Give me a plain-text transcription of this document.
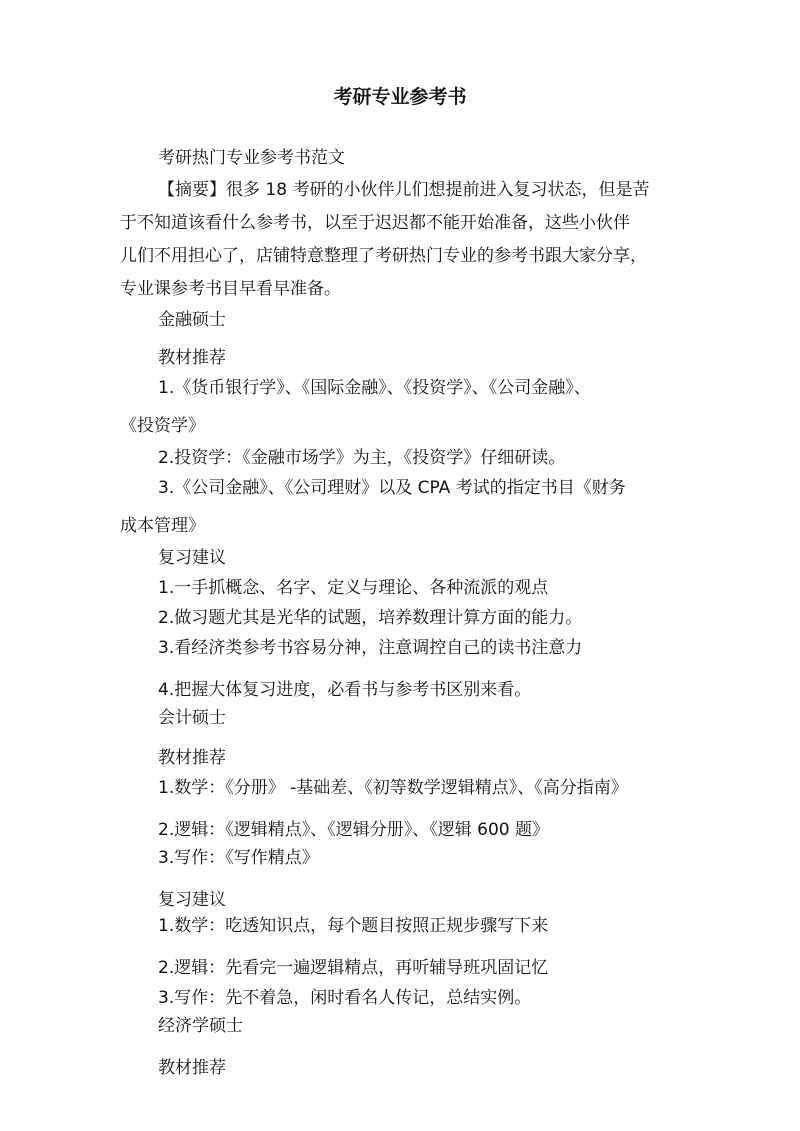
考研专业参考书
考研热门专业参考书范文
【摘要】很多 18 考研的小伙伴儿们想提前进入复习状态，但是苦
于不知道该看什么参考书，以至于迟迟都不能开始准备，这些小伙伴
儿们不用担心了，店铺特意整理了考研热门专业的参考书跟大家分享，
专业课参考书目早看早准备。
金融硕士
教材推荐
1.《货币银行学》、《国际金融》、《投资学》、《公司金融》、
《投资学》
2.投资学：《金融市场学》为主，《投资学》仔细研读。
3.《公司金融》、《公司理财》以及 CPA 考试的指定书目《财务
成本管理》
复习建议
1.一手抓概念、名字、定义与理论、各种流派的观点
2.做习题尤其是光华的试题，培养数理计算方面的能力。
3.看经济类参考书容易分神，注意调控自己的读书注意力
4.把握大体复习进度，必看书与参考书区别来看。
会计硕士
教材推荐
1.数学：《分册》 -基础差、《初等数学逻辑精点》、《高分指南》
2.逻辑：《逻辑精点》、《逻辑分册》、《逻辑 600 题》
3.写作：《写作精点》
复习建议
1.数学：吃透知识点，每个题目按照正规步骤写下来
2.逻辑：先看完一遍逻辑精点，再听辅导班巩固记忆
3.写作：先不着急，闲时看名人传记，总结实例。
经济学硕士
教材推荐
